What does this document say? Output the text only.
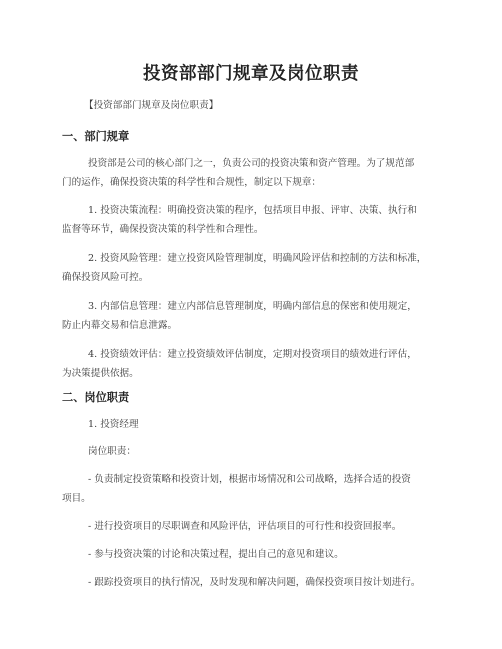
投资部部门规章及岗位职责
【投资部部门规章及岗位职责】
一、部门规章
投资部是公司的核心部门之一，负责公司的投资决策和资产管理。为了规范部
门的运作，确保投资决策的科学性和合规性，制定以下规章：
1. 投资决策流程：明确投资决策的程序，包括项目申报、评审、决策、执行和
监督等环节，确保投资决策的科学性和合理性。
2. 投资风险管理：建立投资风险管理制度，明确风险评估和控制的方法和标准，
确保投资风险可控。
3. 内部信息管理：建立内部信息管理制度，明确内部信息的保密和使用规定，
防止内幕交易和信息泄露。
4. 投资绩效评估：建立投资绩效评估制度，定期对投资项目的绩效进行评估，
为决策提供依据。
二、岗位职责
1. 投资经理
岗位职责：
- 负责制定投资策略和投资计划，根据市场情况和公司战略，选择合适的投资
项目。
- 进行投资项目的尽职调查和风险评估，评估项目的可行性和投资回报率。
- 参与投资决策的讨论和决策过程，提出自己的意见和建议。
- 跟踪投资项目的执行情况，及时发现和解决问题，确保投资项目按计划进行。
